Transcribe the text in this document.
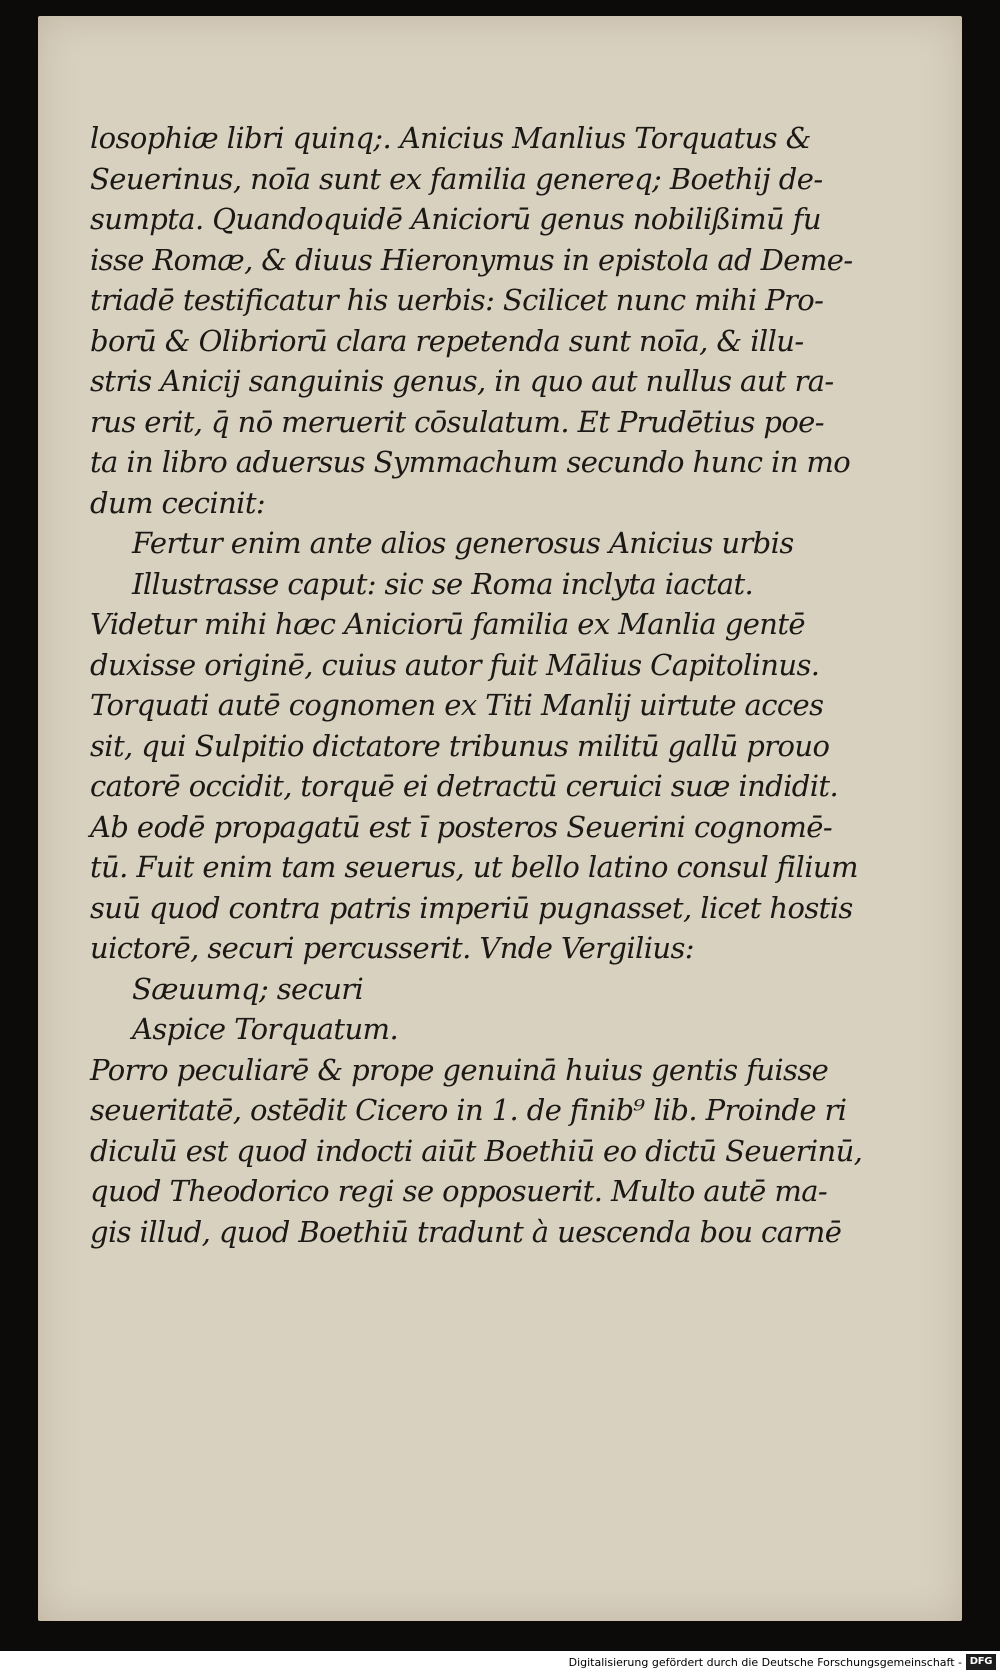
losophiæ libri quinq;. Anicius Manlius Torquatus &
Seuerinus, noīa sunt ex familia genereq; Boethij de-
sumpta. Quandoquidē Aniciorū genus nobilißimū fu
isse Romæ, & diuus Hieronymus in epistola ad Deme-
triadē testificatur his uerbis: Scilicet nunc mihi Pro-
borū & Olibriorū clara repetenda sunt noīa, & illu-
stris Anicij sanguinis genus, in quo aut nullus aut ra-
rus erit, q̄ nō meruerit cōsulatum. Et Prudētius poe-
ta in libro aduersus Symmachum secundo hunc in mo
dum cecinit:
Fertur enim ante alios generosus Anicius urbis
Illustrasse caput: sic se Roma inclyta iactat.
Videtur mihi hæc Aniciorū familia ex Manlia gentē
duxisse originē, cuius autor fuit Mālius Capitolinus.
Torquati autē cognomen ex Titi Manlij uirtute acces
sit, qui Sulpitio dictatore tribunus militū gallū prouo
catorē occidit, torquē ei detractū ceruici suæ indidit.
Ab eodē propagatū est ī posteros Seuerini cognomē-
tū. Fuit enim tam seuerus, ut bello latino consul filium
suū quod contra patris imperiū pugnasset, licet hostis
uictorē, securi percusserit. Vnde Vergilius:
Sæuumq; securi
Aspice Torquatum.
Porro peculiarē & prope genuinā huius gentis fuisse
seueritatē, ostēdit Cicero in 1. de finib⁹ lib. Proinde ri
diculū est quod indocti aiūt Boethiū eo dictū Seuerinū,
quod Theodorico regi se opposuerit. Multo autē ma-
gis illud, quod Boethiū tradunt à uescenda bou carnē
Digitalisierung gefördert durch die Deutsche Forschungsgemeinschaft - DFG
